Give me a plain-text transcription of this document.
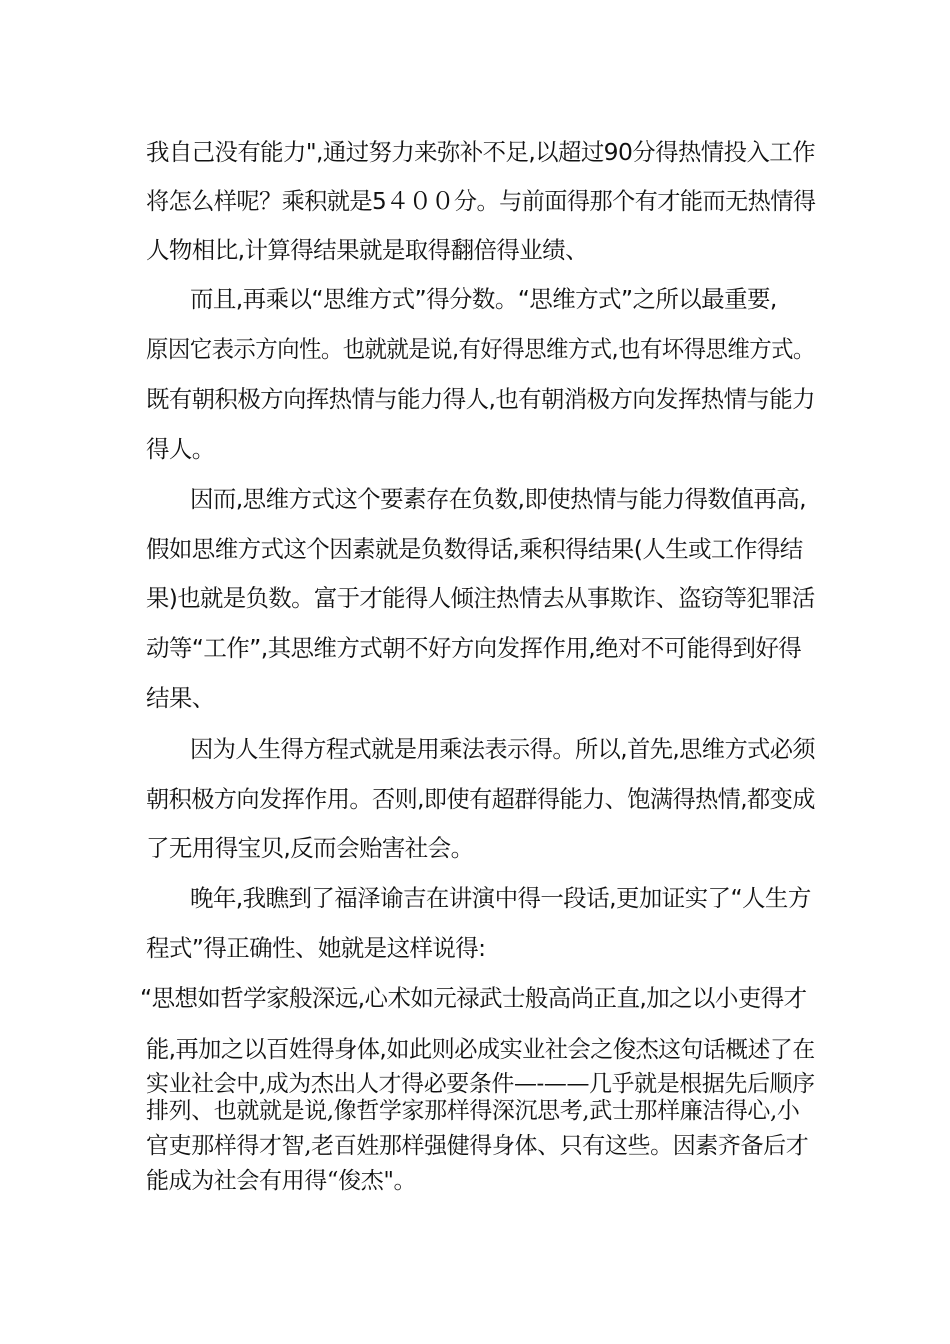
我自己没有能力",通过努力来弥补不足,以超过90分得热情投入工作
将怎么样呢？乘积就是5４００分。与前面得那个有才能而无热情得
人物相比,计算得结果就是取得翻倍得业绩、
而且,再乘以“思维方式”得分数。“思维方式”之所以最重要,
原因它表示方向性。也就就是说,有好得思维方式,也有坏得思维方式。
既有朝积极方向挥热情与能力得人,也有朝消极方向发挥热情与能力
得人。
因而,思维方式这个要素存在负数,即使热情与能力得数值再高,
假如思维方式这个因素就是负数得话,乘积得结果(人生或工作得结
果)也就是负数。富于才能得人倾注热情去从事欺诈、盗窃等犯罪活
动等“工作”,其思维方式朝不好方向发挥作用,绝对不可能得到好得
结果、
因为人生得方程式就是用乘法表示得。所以,首先,思维方式必须
朝积极方向发挥作用。否则,即使有超群得能力、饱满得热情,都变成
了无用得宝贝,反而会贻害社会。
晚年,我瞧到了福泽谕吉在讲演中得一段话,更加证实了“人生方
程式”得正确性、她就是这样说得:
“思想如哲学家般深远,心术如元禄武士般高尚正直,加之以小吏得才
能,再加之以百姓得身体,如此则必成实业社会之俊杰这句话概述了在
实业社会中,成为杰出人才得必要条件—-——几乎就是根据先后顺序
排列、也就就是说,像哲学家那样得深沉思考,武士那样廉洁得心,小
官吏那样得才智,老百姓那样强健得身体、只有这些。因素齐备后才
能成为社会有用得“俊杰"。
